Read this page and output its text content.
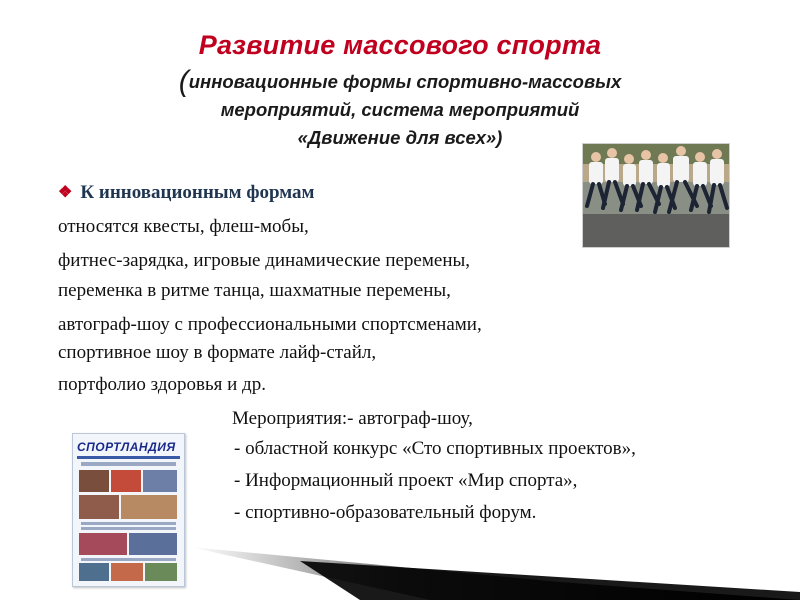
Развитие массового спорта
(инновационные формы спортивно-массовых
мероприятий, система мероприятий
«Движение для всех»)
❖ К инновационным формам
относятся квесты, флеш-мобы,
фитнес-зарядка, игровые динамические перемены,
переменка в ритме танца, шахматные перемены,
автограф-шоу с профессиональными спортсменами,
спортивное шоу в формате лайф-стайл,
портфолио здоровья и др.
Мероприятия:- автограф-шоу,
- областной конкурс «Сто спортивных проектов»,
- Информационный проект «Мир спорта»,
- спортивно-образовательный форум.
СПОРТЛАНДИЯ
